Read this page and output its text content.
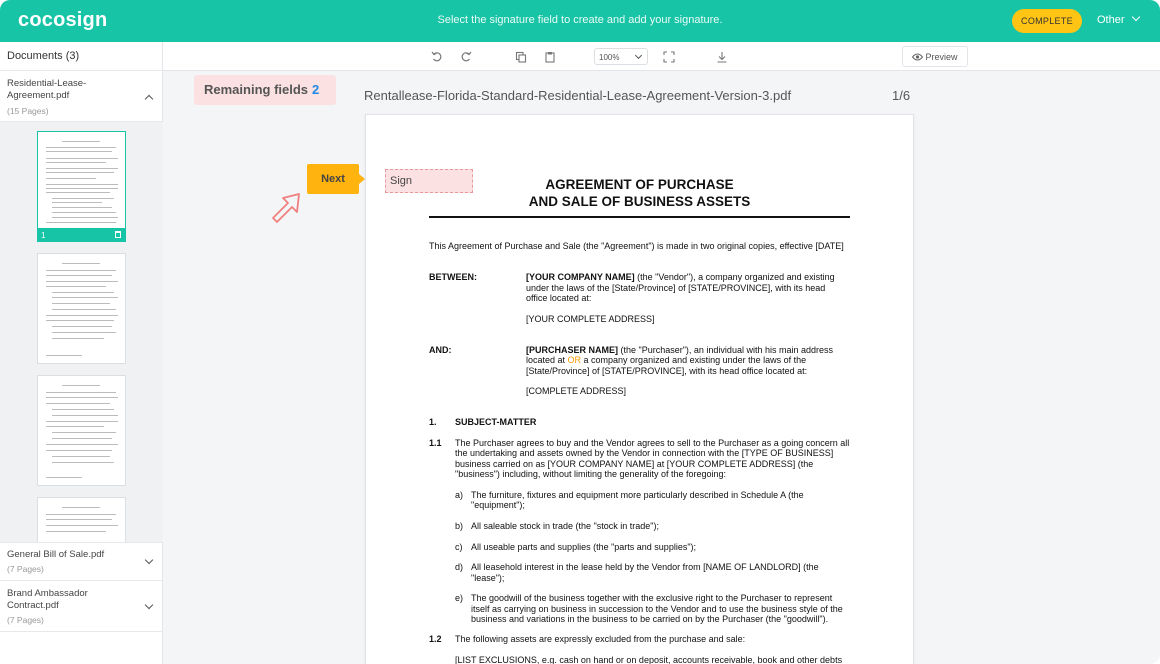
cocosign	Select the signature field to create and add your signature.	COMPLETE	Other
Documents (3)
Residential-Lease-Agreement.pdf
(15 Pages)
1
General Bill of Sale.pdf
(7 Pages)
Brand Ambassador Contract.pdf
(7 Pages)
100%	Preview
Remaining fields 2	Rentallease-Florida-Standard-Residential-Lease-Agreement-Version-3.pdf	1/6
Next	Sign	AGREEMENT OF PURCHASE
AND SALE OF BUSINESS ASSETS
This Agreement of Purchase and Sale (the "Agreement") is made in two original copies, effective [DATE]
BETWEEN:	[YOUR COMPANY NAME] (the "Vendor"), a company organized and existing
under the laws of the [State/Province] of [STATE/PROVINCE], with its head
office located at:
[YOUR COMPLETE ADDRESS]
AND:	[PURCHASER NAME] (the "Purchaser"), an individual with his main address
located at OR a company organized and existing under the laws of the
[State/Province] of [STATE/PROVINCE], with its head office located at:
[COMPLETE ADDRESS]
1. SUBJECT-MATTER
1.1 The Purchaser agrees to buy and the Vendor agrees to sell to the Purchaser as a going concern all
the undertaking and assets owned by the Vendor in connection with the [TYPE OF BUSINESS]
business carried on as [YOUR COMPANY NAME] at [YOUR COMPLETE ADDRESS] (the
"business") including, without limiting the generality of the foregoing:
a) The furniture, fixtures and equipment more particularly described in Schedule A (the
"equipment");
b) All saleable stock in trade (the "stock in trade");
c) All useable parts and supplies (the "parts and supplies");
d) All leasehold interest in the lease held by the Vendor from [NAME OF LANDLORD] (the
"lease");
e) The goodwill of the business together with the exclusive right to the Purchaser to represent
itself as carrying on business in succession to the Vendor and to use the business style of the
business and variations in the business to be carried on by the Purchaser (the "goodwill").
1.2 The following assets are expressly excluded from the purchase and sale:
[LIST EXCLUSIONS, e.g. cash on hand or on deposit, accounts receivable, book and other debts
